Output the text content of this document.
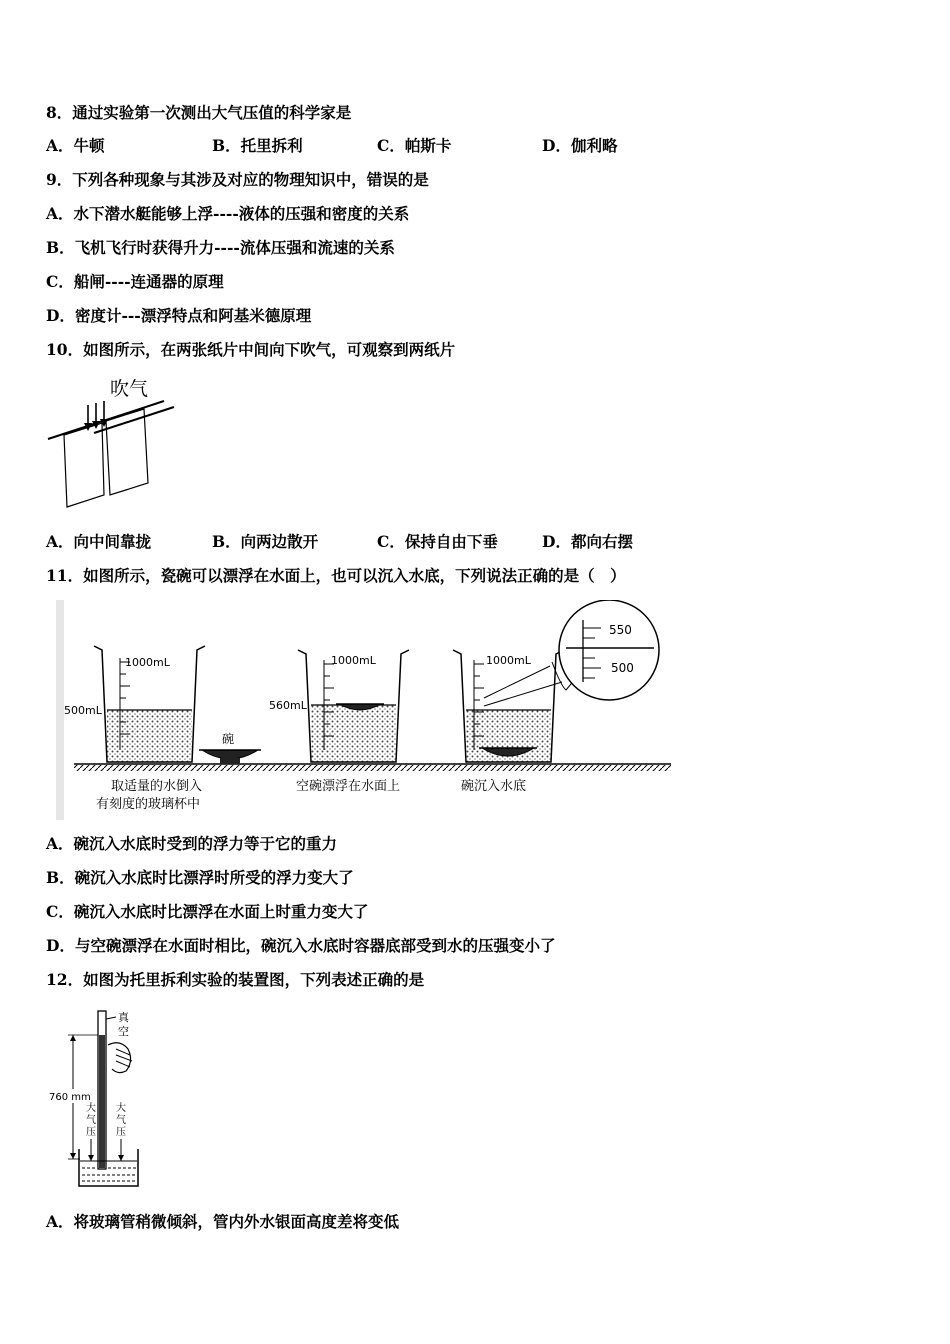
8．通过实验第一次测出大气压值的科学家是
A．牛顿	B．托里拆利	C．帕斯卡	D．伽利略
9．下列各种现象与其涉及对应的物理知识中，错误的是
A．水下潜水艇能够上浮----液体的压强和密度的关系
B．飞机飞行时获得升力----流体压强和流速的关系
C．船闸----连通器的原理
D．密度计---漂浮特点和阿基米德原理
10．如图所示，在两张纸片中间向下吹气，可观察到两纸片
吹气
A．向中间靠拢	B．向两边散开	C．保持自由下垂	D．都向右摆
11．如图所示，瓷碗可以漂浮在水面上，也可以沉入水底，下列说法正确的是（　）
1000mL
500mL
碗
1000mL
560mL
1000mL
550
500
取适量的水倒入
有刻度的玻璃杯中
空碗漂浮在水面上	碗沉入水底
A．碗沉入水底时受到的浮力等于它的重力
B．碗沉入水底时比漂浮时所受的浮力变大了
C．碗沉入水底时比漂浮在水面上时重力变大了
D．与空碗漂浮在水面时相比，碗沉入水底时容器底部受到水的压强变小了
12．如图为托里拆利实验的装置图，下列表述正确的是
真
空
760 mm
大
气
压
大
气
压
A．将玻璃管稍微倾斜，管内外水银面高度差将变低
